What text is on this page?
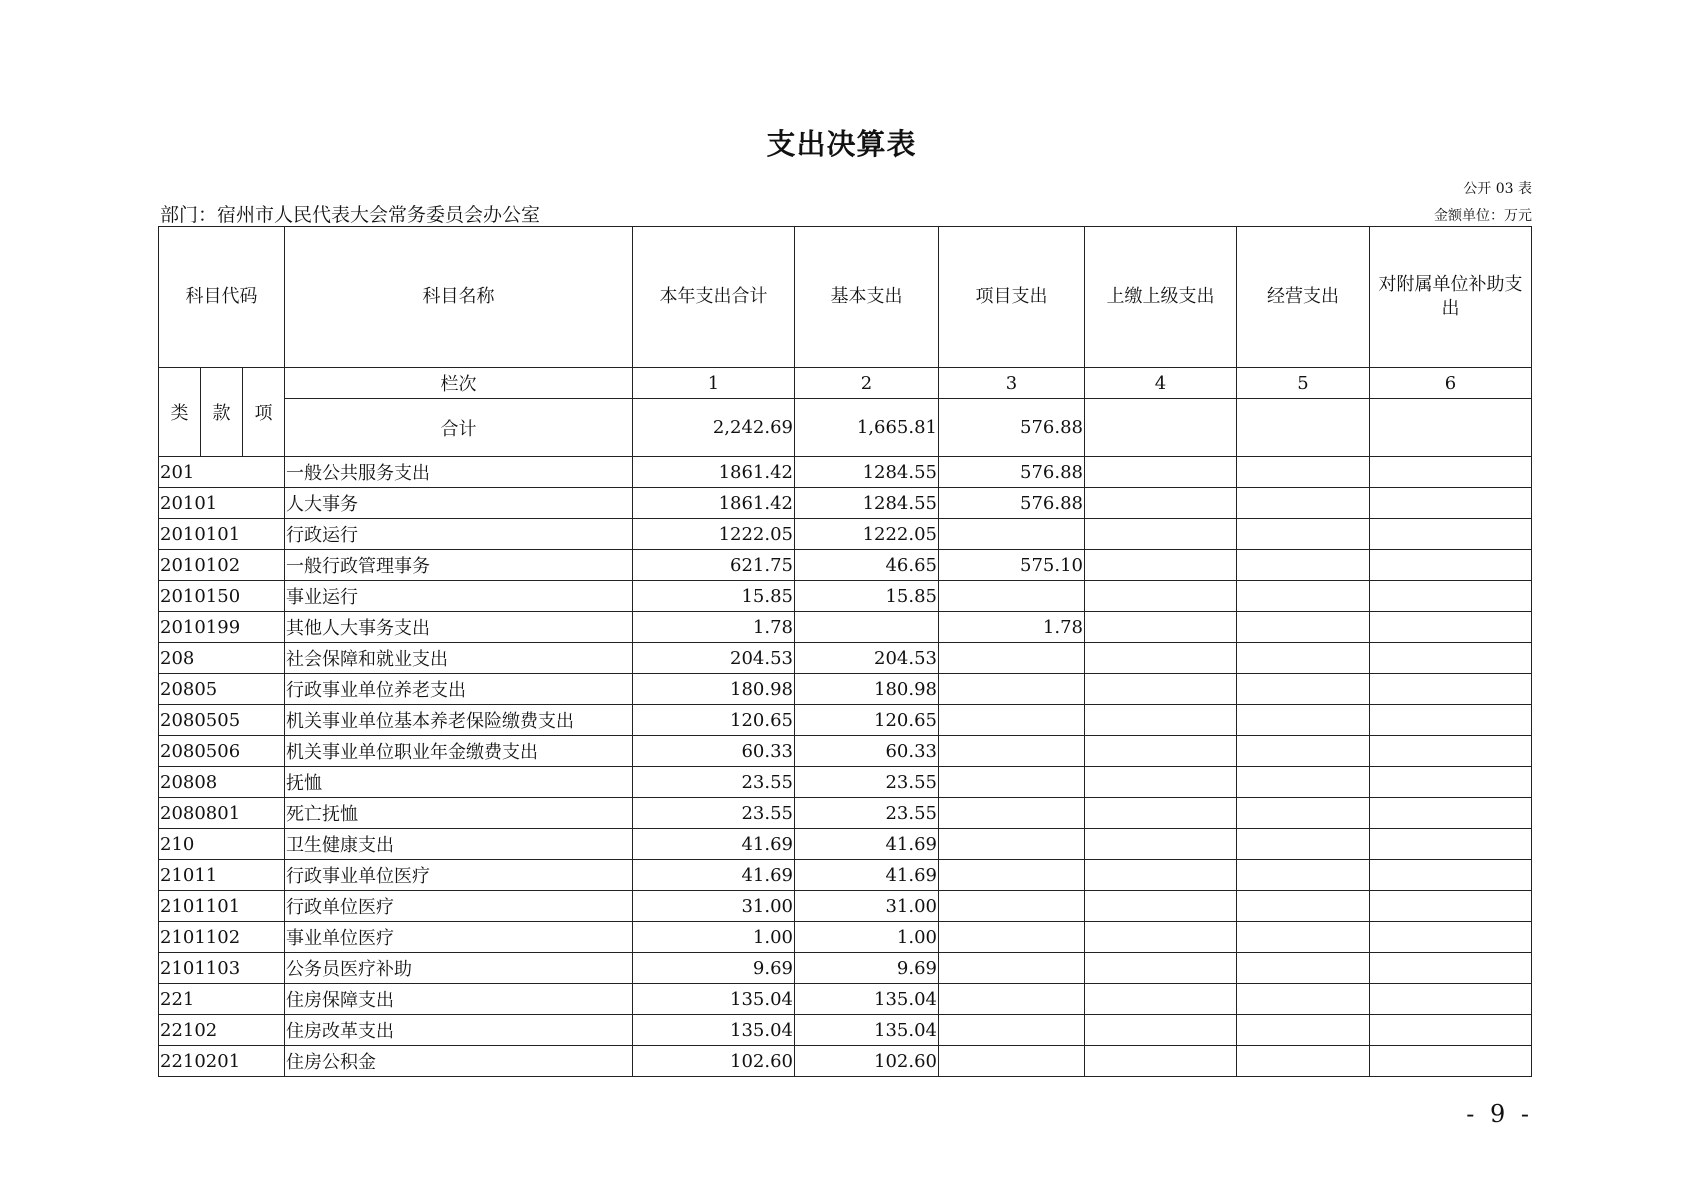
支出决算表
公开 03 表
部门：宿州市人民代表大会常务委员会办公室	金额单位：万元
科目代码			科目名称	本年支出合计	基本支出	项目支出	上缴上级支出	经营支出	对附属单位补助支出
类	款	项	栏次	1	2	3	4	5	6
			合计	2,242.69	1,665.81	576.88			
201			一般公共服务支出	1861.42	1284.55	576.88			
20101			人大事务	1861.42	1284.55	576.88			
2010101			行政运行	1222.05	1222.05				
2010102			一般行政管理事务	621.75	46.65	575.10			
2010150			事业运行	15.85	15.85				
2010199			其他人大事务支出	1.78		1.78			
208			社会保障和就业支出	204.53	204.53				
20805			行政事业单位养老支出	180.98	180.98				
2080505			机关事业单位基本养老保险缴费支出	120.65	120.65				
2080506			机关事业单位职业年金缴费支出	60.33	60.33				
20808			抚恤	23.55	23.55				
2080801			死亡抚恤	23.55	23.55				
210			卫生健康支出	41.69	41.69				
21011			行政事业单位医疗	41.69	41.69				
2101101			行政单位医疗	31.00	31.00				
2101102			事业单位医疗	1.00	1.00				
2101103			公务员医疗补助	9.69	9.69				
221			住房保障支出	135.04	135.04				
22102			住房改革支出	135.04	135.04				
2210201			住房公积金	102.60	102.60				
- 9 -
